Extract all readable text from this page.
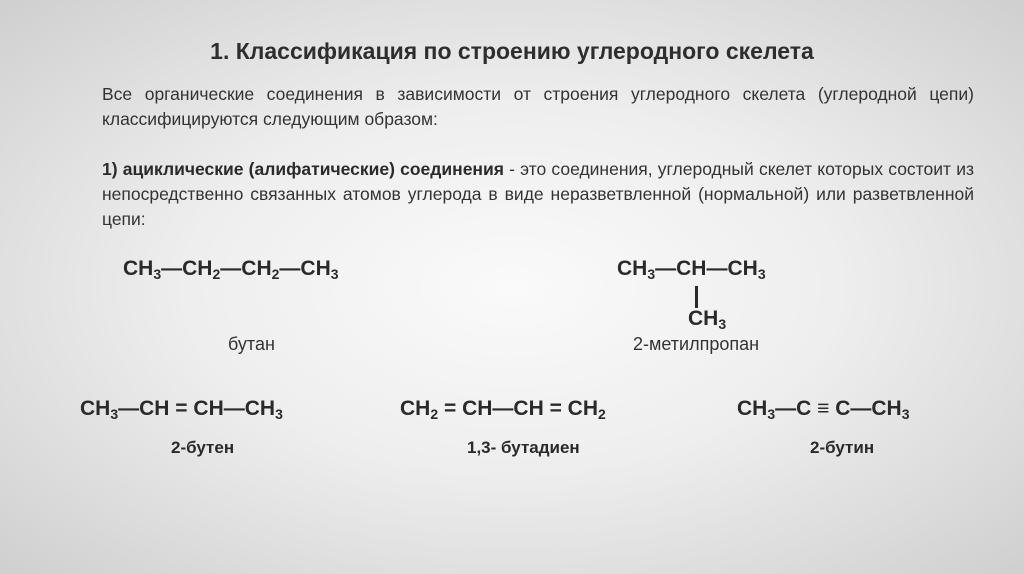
1. Классификация по строению углеродного скелета
Все органические соединения в зависимости от строения углеродного скелета (углеродной цепи) классифицируются следующим образом:
1) ациклические (алифатические) соединения - это соединения, углеродный скелет которых состоит из непосредственно связанных атомов углерода в виде неразветвленной (нормальной) или разветвленной цепи:
$CH_3—CH_2—CH_2—CH_3$
бутан
$CH_3—CH—CH_3$
$CH_3$
2-метилпропан
$CH_3—CH$ = $CH—CH_3$
2-бутен
$CH_2$ = CH—CH = $CH_2$
1,3- бутадиен
$CH_3—C$ ≡ $C—CH_3$
2-бутин
